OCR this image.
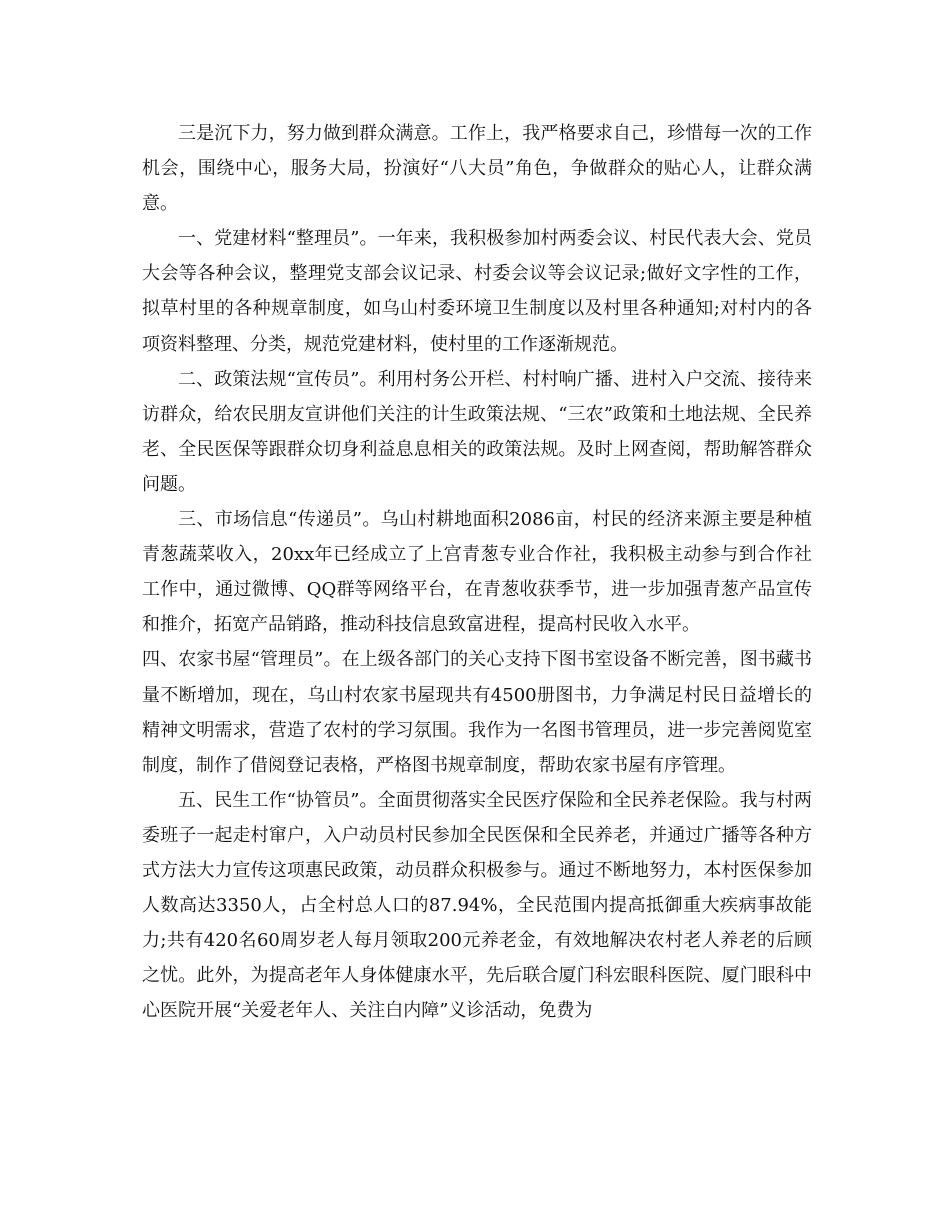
三是沉下力，努力做到群众满意。工作上，我严格要求自己，珍惜每一次的工作机会，围绕中心，服务大局，扮演好“八大员”角色，争做群众的贴心人，让群众满意。

一、党建材料“整理员”。一年来，我积极参加村两委会议、村民代表大会、党员大会等各种会议，整理党支部会议记录、村委会议等会议记录;做好文字性的工作，拟草村里的各种规章制度，如乌山村委环境卫生制度以及村里各种通知;对村内的各项资料整理、分类，规范党建材料，使村里的工作逐渐规范。

二、政策法规“宣传员”。利用村务公开栏、村村响广播、进村入户交流、接待来访群众，给农民朋友宣讲他们关注的计生政策法规、“三农”政策和土地法规、全民养老、全民医保等跟群众切身利益息息相关的政策法规。及时上网查阅，帮助解答群众问题。

三、市场信息“传递员”。乌山村耕地面积2086亩，村民的经济来源主要是种植青葱蔬菜收入，20xx年已经成立了上宫青葱专业合作社，我积极主动参与到合作社工作中，通过微博、QQ群等网络平台，在青葱收获季节，进一步加强青葱产品宣传和推介，拓宽产品销路，推动科技信息致富进程，提高村民收入水平。

四、农家书屋“管理员”。在上级各部门的关心支持下图书室设备不断完善，图书藏书量不断增加，现在，乌山村农家书屋现共有4500册图书，力争满足村民日益增长的精神文明需求，营造了农村的学习氛围。我作为一名图书管理员，进一步完善阅览室制度，制作了借阅登记表格，严格图书规章制度，帮助农家书屋有序管理。

五、民生工作“协管员”。全面贯彻落实全民医疗保险和全民养老保险。我与村两委班子一起走村窜户，入户动员村民参加全民医保和全民养老，并通过广播等各种方式方法大力宣传这项惠民政策，动员群众积极参与。通过不断地努力，本村医保参加人数高达3350人，占全村总人口的87.94%，全民范围内提高抵御重大疾病事故能力;共有420名60周岁老人每月领取200元养老金，有效地解决农村老人养老的后顾之忧。此外，为提高老年人身体健康水平，先后联合厦门科宏眼科医院、厦门眼科中心医院开展“关爱老年人、关注白内障”义诊活动，免费为
